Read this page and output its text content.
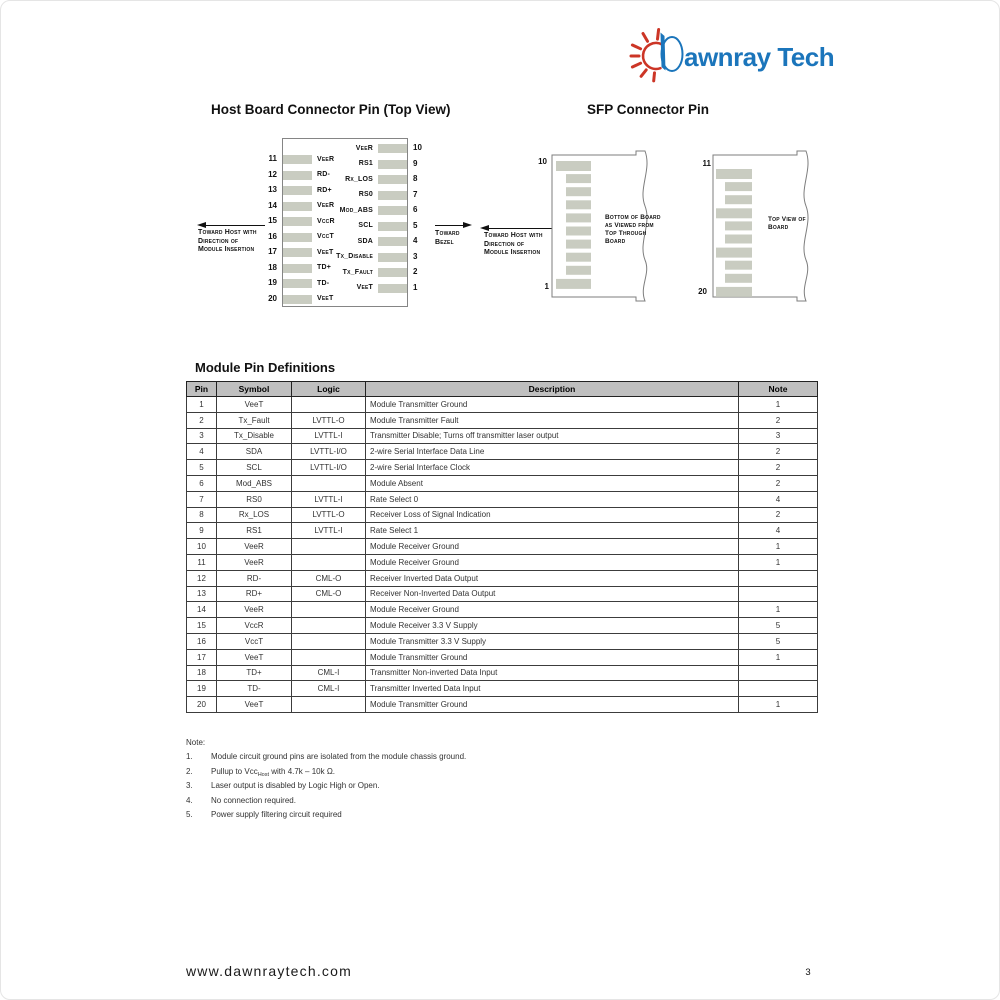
awnray Tech
Host Board Connector Pin (Top View)	SFP Connector Pin
11	VeeR
12	RD-
13	RD+
14	VeeR
15	VccR
16	VccT
17	VeeT
18	TD+
19	TD-
20	VeeT
10
VeeR
9
RS1
8
Rx_LOS
7
RS0
6
Mod_ABS
5
SCL
4
SDA
3
Tx_Disable
2
Tx_Fault
1
VeeT
Toward Host with Direction of Module Insertion
Toward Bezel
Toward Host with Direction of Module Insertion
10
1
Bottom of Board as Viewed from Top Through Board
11
20
Top View of Board
Module Pin Definitions
Pin	Symbol	Logic	Description	Note
1	VeeT		Module Transmitter Ground	1
2	Tx_Fault	LVTTL-O	Module Transmitter Fault	2
3	Tx_Disable	LVTTL-I	Transmitter Disable; Turns off transmitter laser output	3
4	SDA	LVTTL-I/O	2-wire Serial Interface Data Line	2
5	SCL	LVTTL-I/O	2-wire Serial Interface Clock	2
6	Mod_ABS		Module Absent	2
7	RS0	LVTTL-I	Rate Select 0	4
8	Rx_LOS	LVTTL-O	Receiver Loss of Signal Indication	2
9	RS1	LVTTL-I	Rate Select 1	4
10	VeeR		Module Receiver Ground	1
11	VeeR		Module Receiver Ground	1
12	RD-	CML-O	Receiver Inverted Data Output	
13	RD+	CML-O	Receiver Non-Inverted Data Output	
14	VeeR		Module Receiver Ground	1
15	VccR		Module Receiver 3.3 V Supply	5
16	VccT		Module Transmitter 3.3 V Supply	5
17	VeeT		Module Transmitter Ground	1
18	TD+	CML-I	Transmitter Non-inverted Data Input	
19	TD-	CML-I	Transmitter Inverted Data Input	
20	VeeT		Module Transmitter Ground	1
Note:
1.	Module circuit ground pins are isolated from the module chassis ground.
2.	Pullup to Vcc$_{Host}$ with 4.7k – 10k Ω.
3.	Laser output is disabled by Logic High or Open.
4.	No connection required.
5.	Power supply filtering circuit required
www.dawnraytech.com	3
